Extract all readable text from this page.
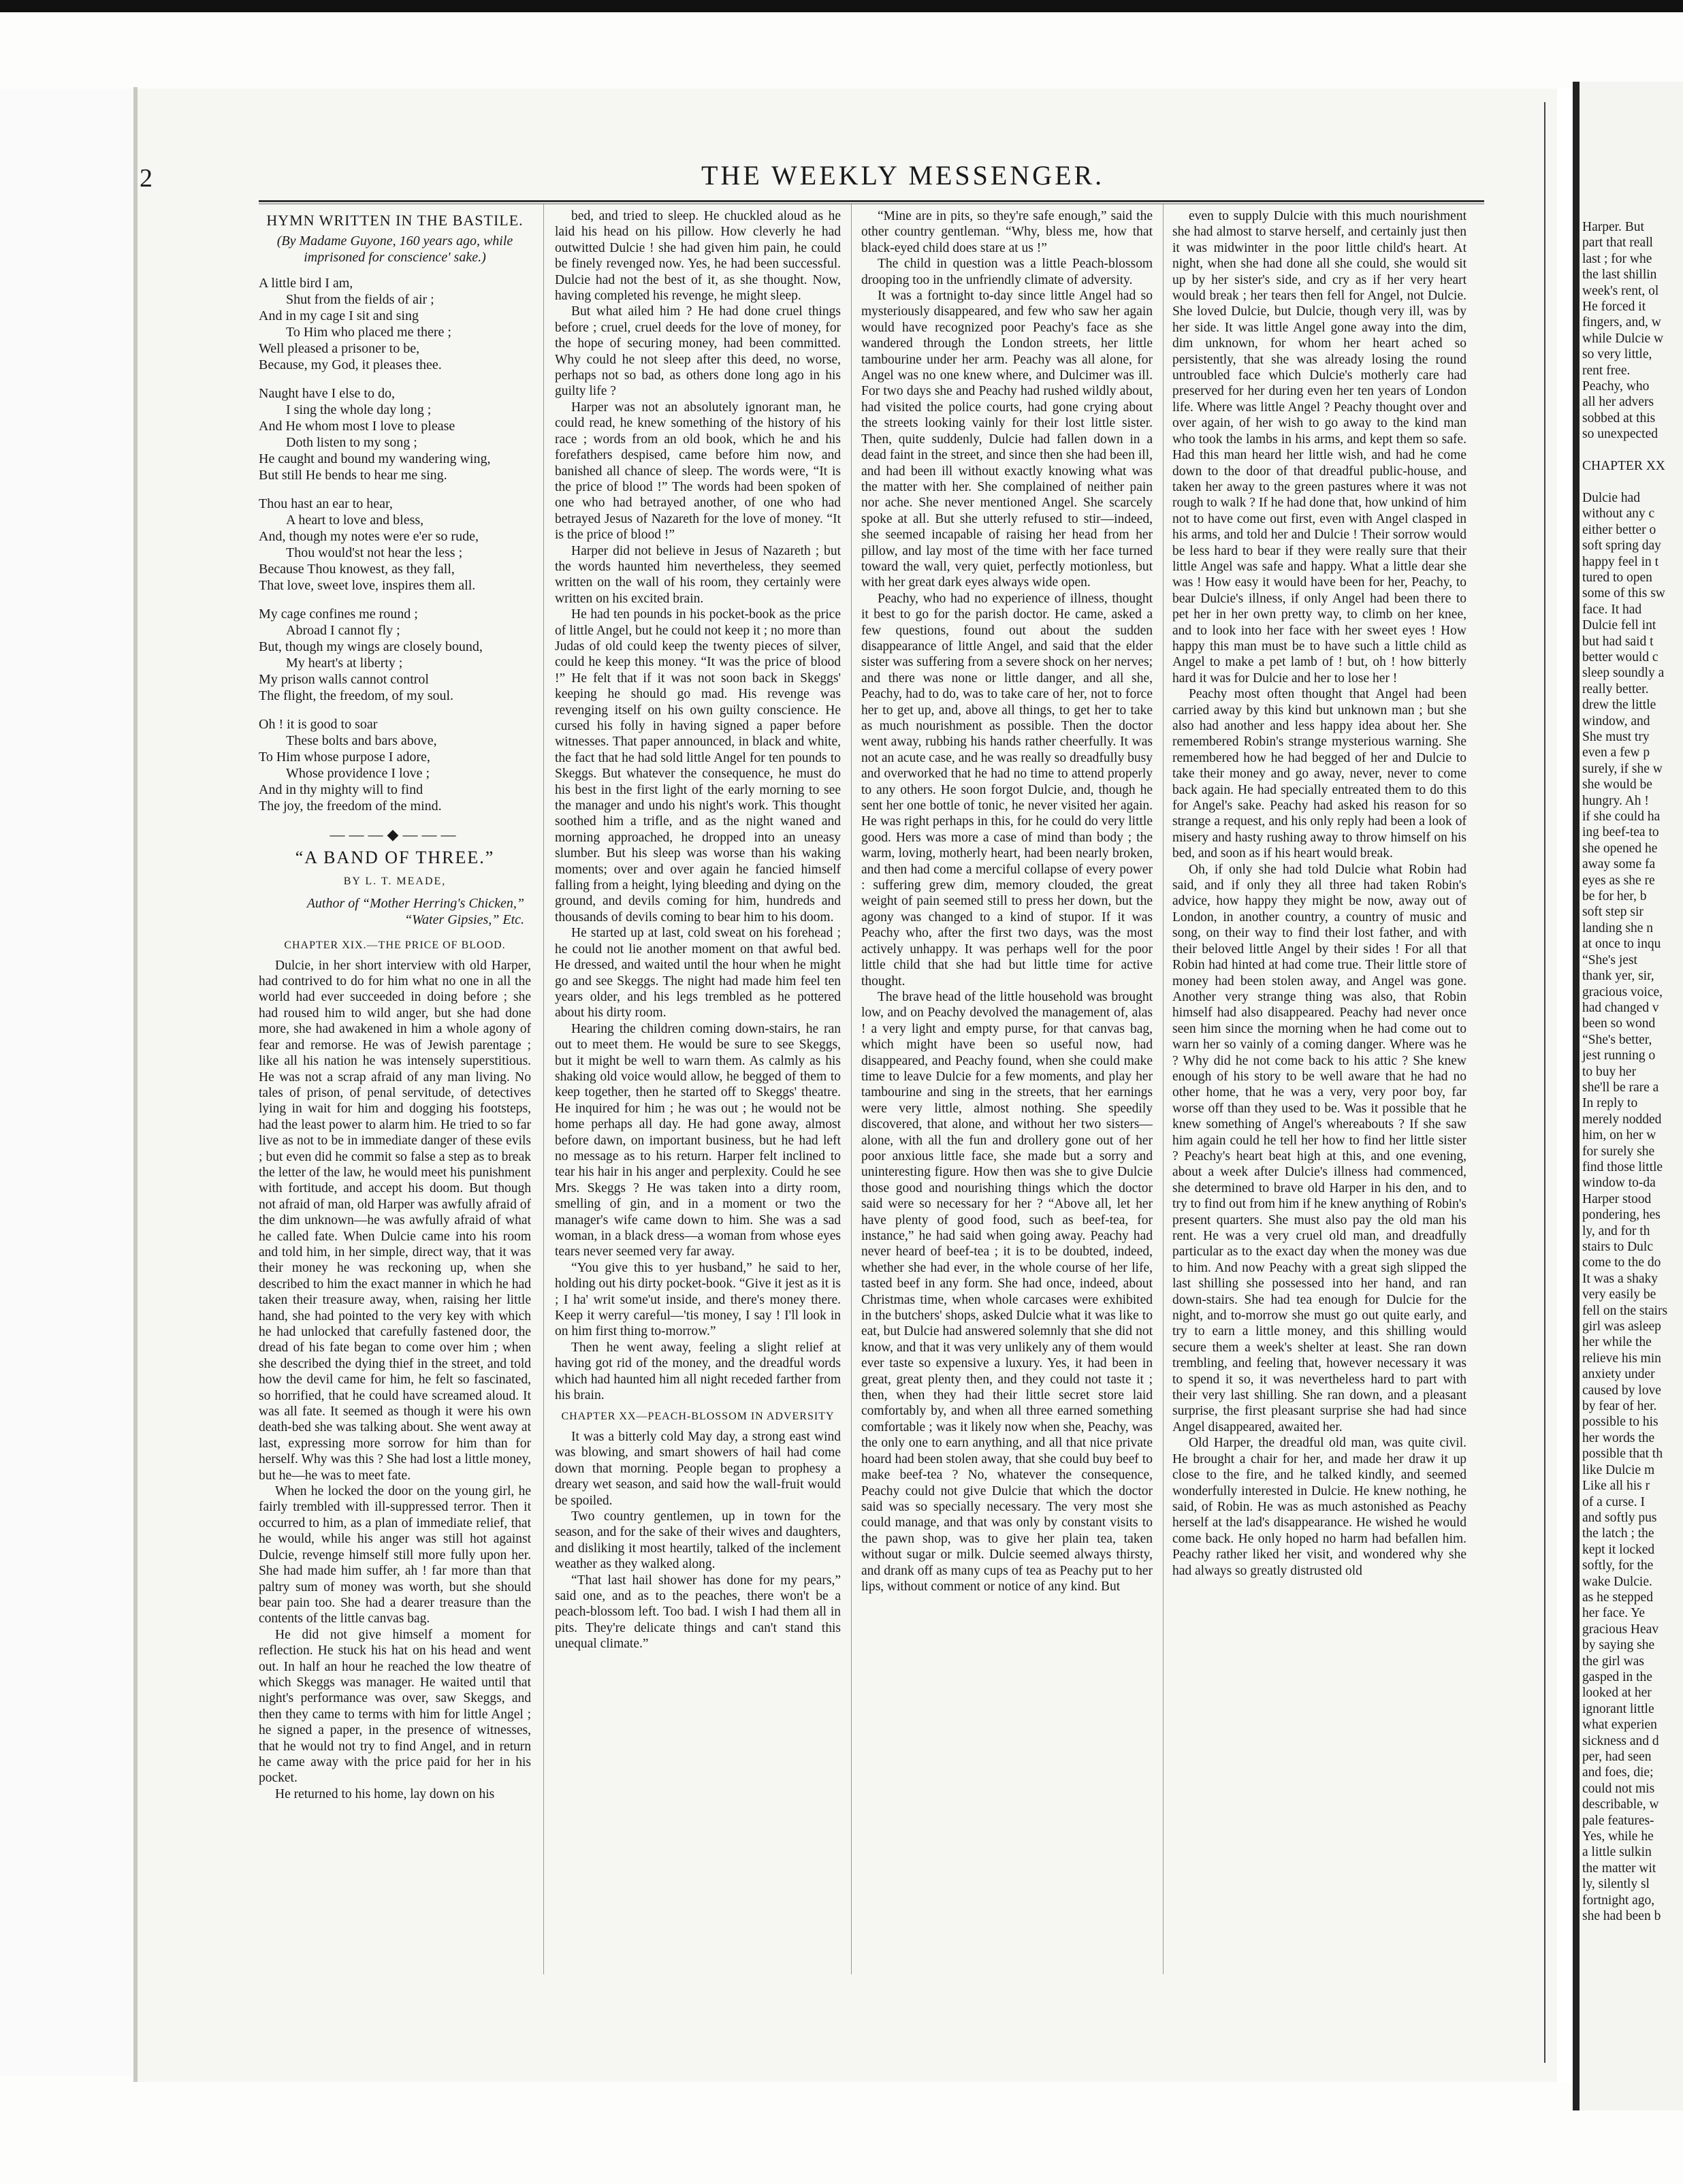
2	THE WEEKLY MESSENGER.
HYMN WRITTEN IN THE BASTILE.
(By Madame Guyone, 160 years ago, while imprisoned for conscience' sake.)
A little bird I am,
Shut from the fields of air ;
And in my cage I sit and sing
To Him who placed me there ;
Well pleased a prisoner to be,
Because, my God, it pleases thee.
Naught have I else to do,
I sing the whole day long ;
And He whom most I love to please
Doth listen to my song ;
He caught and bound my wandering wing,
But still He bends to hear me sing.
Thou hast an ear to hear,
A heart to love and bless,
And, though my notes were e'er so rude,
Thou would'st not hear the less ;
Because Thou knowest, as they fall,
That love, sweet love, inspires them all.
My cage confines me round ;
Abroad I cannot fly ;
But, though my wings are closely bound,
My heart's at liberty ;
My prison walls cannot control
The flight, the freedom, of my soul.
Oh ! it is good to soar
These bolts and bars above,
To Him whose purpose I adore,
Whose providence I love ;
And in thy mighty will to find
The joy, the freedom of the mind.
———◆———
“A BAND OF THREE.”
BY L. T. MEADE,
Author of “Mother Herring's Chicken,”
“Water Gipsies,” Etc.
CHAPTER XIX.—THE PRICE OF BLOOD.

Dulcie, in her short interview with old Harper, had contrived to do for him what no one in all the world had ever succeeded in doing before ; she had roused him to wild anger, but she had done more, she had awakened in him a whole agony of fear and remorse. He was of Jewish parentage ; like all his nation he was intensely superstitious. He was not a scrap afraid of any man living. No tales of prison, of penal servitude, of detectives lying in wait for him and dogging his footsteps, had the least power to alarm him. He tried to so far live as not to be in immediate danger of these evils ; but even did he commit so false a step as to break the letter of the law, he would meet his punishment with fortitude, and accept his doom. But though not afraid of man, old Harper was awfully afraid of the dim unknown—he was awfully afraid of what he called fate. When Dulcie came into his room and told him, in her simple, direct way, that it was their money he was reckoning up, when she described to him the exact manner in which he had taken their treasure away, when, raising her little hand, she had pointed to the very key with which he had unlocked that carefully fastened door, the dread of his fate began to come over him ; when she described the dying thief in the street, and told how the devil came for him, he felt so fascinated, so horrified, that he could have screamed aloud. It was all fate. It seemed as though it were his own death-bed she was talking about. She went away at last, expressing more sorrow for him than for herself. Why was this ? She had lost a little money, but he—he was to meet fate.

When he locked the door on the young girl, he fairly trembled with ill-suppressed terror. Then it occurred to him, as a plan of immediate relief, that he would, while his anger was still hot against Dulcie, revenge himself still more fully upon her. She had made him suffer, ah ! far more than that paltry sum of money was worth, but she should bear pain too. She had a dearer treasure than the contents of the little canvas bag.

He did not give himself a moment for reflection. He stuck his hat on his head and went out. In half an hour he reached the low theatre of which Skeggs was manager. He waited until that night's performance was over, saw Skeggs, and then they came to terms with him for little Angel ; he signed a paper, in the presence of witnesses, that he would not try to find Angel, and in return he came away with the price paid for her in his pocket.

He returned to his home, lay down on his

bed, and tried to sleep. He chuckled aloud as he laid his head on his pillow. How cleverly he had outwitted Dulcie ! she had given him pain, he could be finely revenged now. Yes, he had been successful. Dulcie had not the best of it, as she thought. Now, having completed his revenge, he might sleep.

But what ailed him ? He had done cruel things before ; cruel, cruel deeds for the love of money, for the hope of securing money, had been committed. Why could he not sleep after this deed, no worse, perhaps not so bad, as others done long ago in his guilty life ?

Harper was not an absolutely ignorant man, he could read, he knew something of the history of his race ; words from an old book, which he and his forefathers despised, came before him now, and banished all chance of sleep. The words were, “It is the price of blood !” The words had been spoken of one who had betrayed another, of one who had betrayed Jesus of Nazareth for the love of money. “It is the price of blood !”

Harper did not believe in Jesus of Nazareth ; but the words haunted him nevertheless, they seemed written on the wall of his room, they certainly were written on his excited brain.

He had ten pounds in his pocket-book as the price of little Angel, but he could not keep it ; no more than Judas of old could keep the twenty pieces of silver, could he keep this money. “It was the price of blood !” He felt that if it was not soon back in Skeggs' keeping he should go mad. His revenge was revenging itself on his own guilty conscience. He cursed his folly in having signed a paper before witnesses. That paper announced, in black and white, the fact that he had sold little Angel for ten pounds to Skeggs. But whatever the consequence, he must do his best in the first light of the early morning to see the manager and undo his night's work. This thought soothed him a trifle, and as the night waned and morning approached, he dropped into an uneasy slumber. But his sleep was worse than his waking moments; over and over again he fancied himself falling from a height, lying bleeding and dying on the ground, and devils coming for him, hundreds and thousands of devils coming to bear him to his doom.

He started up at last, cold sweat on his forehead ; he could not lie another moment on that awful bed. He dressed, and waited until the hour when he might go and see Skeggs. The night had made him feel ten years older, and his legs trembled as he pottered about his dirty room.

Hearing the children coming down-stairs, he ran out to meet them. He would be sure to see Skeggs, but it might be well to warn them. As calmly as his shaking old voice would allow, he begged of them to keep together, then he started off to Skeggs' theatre. He inquired for him ; he was out ; he would not be home perhaps all day. He had gone away, almost before dawn, on important business, but he had left no message as to his return. Harper felt inclined to tear his hair in his anger and perplexity. Could he see Mrs. Skeggs ? He was taken into a dirty room, smelling of gin, and in a moment or two the manager's wife came down to him. She was a sad woman, in a black dress—a woman from whose eyes tears never seemed very far away.

“You give this to yer husband,” he said to her, holding out his dirty pocket-book. “Give it jest as it is ; I ha' writ some'ut inside, and there's money there. Keep it werry careful—'tis money, I say ! I'll look in on him first thing to-morrow.”

Then he went away, feeling a slight relief at having got rid of the money, and the dreadful words which had haunted him all night receded farther from his brain.

CHAPTER XX—PEACH-BLOSSOM IN ADVERSITY

It was a bitterly cold May day, a strong east wind was blowing, and smart showers of hail had come down that morning. People began to prophesy a dreary wet season, and said how the wall-fruit would be spoiled.

Two country gentlemen, up in town for the season, and for the sake of their wives and daughters, and disliking it most heartily, talked of the inclement weather as they walked along.

“That last hail shower has done for my pears,” said one, and as to the peaches, there won't be a peach-blossom left. Too bad. I wish I had them all in pits. They're delicate things and can't stand this unequal climate.”

“Mine are in pits, so they're safe enough,” said the other country gentleman. “Why, bless me, how that black-eyed child does stare at us !”

The child in question was a little Peach-blossom drooping too in the unfriendly climate of adversity.

It was a fortnight to-day since little Angel had so mysteriously disappeared, and few who saw her again would have recognized poor Peachy's face as she wandered through the London streets, her little tambourine under her arm. Peachy was all alone, for Angel was no one knew where, and Dulcimer was ill. For two days she and Peachy had rushed wildly about, had visited the police courts, had gone crying about the streets looking vainly for their lost little sister. Then, quite suddenly, Dulcie had fallen down in a dead faint in the street, and since then she had been ill, and had been ill without exactly knowing what was the matter with her. She complained of neither pain nor ache. She never mentioned Angel. She scarcely spoke at all. But she utterly refused to stir—indeed, she seemed incapable of raising her head from her pillow, and lay most of the time with her face turned toward the wall, very quiet, perfectly motionless, but with her great dark eyes always wide open.

Peachy, who had no experience of illness, thought it best to go for the parish doctor. He came, asked a few questions, found out about the sudden disappearance of little Angel, and said that the elder sister was suffering from a severe shock on her nerves; and there was none or little danger, and all she, Peachy, had to do, was to take care of her, not to force her to get up, and, above all things, to get her to take as much nourishment as possible. Then the doctor went away, rubbing his hands rather cheerfully. It was not an acute case, and he was really so dreadfully busy and overworked that he had no time to attend properly to any others. He soon forgot Dulcie, and, though he sent her one bottle of tonic, he never visited her again. He was right perhaps in this, for he could do very little good. Hers was more a case of mind than body ; the warm, loving, motherly heart, had been nearly broken, and then had come a merciful collapse of every power : suffering grew dim, memory clouded, the great weight of pain seemed still to press her down, but the agony was changed to a kind of stupor. If it was Peachy who, after the first two days, was the most actively unhappy. It was perhaps well for the poor little child that she had but little time for active thought.

The brave head of the little household was brought low, and on Peachy devolved the management of, alas ! a very light and empty purse, for that canvas bag, which might have been so useful now, had disappeared, and Peachy found, when she could make time to leave Dulcie for a few moments, and play her tambourine and sing in the streets, that her earnings were very little, almost nothing. She speedily discovered, that alone, and without her two sisters—alone, with all the fun and drollery gone out of her poor anxious little face, she made but a sorry and uninteresting figure. How then was she to give Dulcie those good and nourishing things which the doctor said were so necessary for her ? “Above all, let her have plenty of good food, such as beef-tea, for instance,” he had said when going away. Peachy had never heard of beef-tea ; it is to be doubted, indeed, whether she had ever, in the whole course of her life, tasted beef in any form. She had once, indeed, about Christmas time, when whole carcases were exhibited in the butchers' shops, asked Dulcie what it was like to eat, but Dulcie had answered solemnly that she did not know, and that it was very unlikely any of them would ever taste so expensive a luxury. Yes, it had been in great, great plenty then, and they could not taste it ; then, when they had their little secret store laid comfortably by, and when all three earned something comfortable ; was it likely now when she, Peachy, was the only one to earn anything, and all that nice private hoard had been stolen away, that she could buy beef to make beef-tea ? No, whatever the consequence, Peachy could not give Dulcie that which the doctor said was so specially necessary. The very most she could manage, and that was only by constant visits to the pawn shop, was to give her plain tea, taken without sugar or milk. Dulcie seemed always thirsty, and drank off as many cups of tea as Peachy put to her lips, without comment or notice of any kind. But

even to supply Dulcie with this much nourishment she had almost to starve herself, and certainly just then it was midwinter in the poor little child's heart. At night, when she had done all she could, she would sit up by her sister's side, and cry as if her very heart would break ; her tears then fell for Angel, not Dulcie. She loved Dulcie, but Dulcie, though very ill, was by her side. It was little Angel gone away into the dim, dim unknown, for whom her heart ached so persistently, that she was already losing the round untroubled face which Dulcie's motherly care had preserved for her during even her ten years of London life. Where was little Angel ? Peachy thought over and over again, of her wish to go away to the kind man who took the lambs in his arms, and kept them so safe. Had this man heard her little wish, and had he come down to the door of that dreadful public-house, and taken her away to the green pastures where it was not rough to walk ? If he had done that, how unkind of him not to have come out first, even with Angel clasped in his arms, and told her and Dulcie ! Their sorrow would be less hard to bear if they were really sure that their little Angel was safe and happy. What a little dear she was ! How easy it would have been for her, Peachy, to bear Dulcie's illness, if only Angel had been there to pet her in her own pretty way, to climb on her knee, and to look into her face with her sweet eyes ! How happy this man must be to have such a little child as Angel to make a pet lamb of ! but, oh ! how bitterly hard it was for Dulcie and her to lose her !

Peachy most often thought that Angel had been carried away by this kind but unknown man ; but she also had another and less happy idea about her. She remembered Robin's strange mysterious warning. She remembered how he had begged of her and Dulcie to take their money and go away, never, never to come back again. He had specially entreated them to do this for Angel's sake. Peachy had asked his reason for so strange a request, and his only reply had been a look of misery and hasty rushing away to throw himself on his bed, and soon as if his heart would break.

Oh, if only she had told Dulcie what Robin had said, and if only they all three had taken Robin's advice, how happy they might be now, away out of London, in another country, a country of music and song, on their way to find their lost father, and with their beloved little Angel by their sides ! For all that Robin had hinted at had come true. Their little store of money had been stolen away, and Angel was gone. Another very strange thing was also, that Robin himself had also disappeared. Peachy had never once seen him since the morning when he had come out to warn her so vainly of a coming danger. Where was he ? Why did he not come back to his attic ? She knew enough of his story to be well aware that he had no other home, that he was a very, very poor boy, far worse off than they used to be. Was it possible that he knew something of Angel's whereabouts ? If she saw him again could he tell her how to find her little sister ? Peachy's heart beat high at this, and one evening, about a week after Dulcie's illness had commenced, she determined to brave old Harper in his den, and to try to find out from him if he knew anything of Robin's present quarters. She must also pay the old man his rent. He was a very cruel old man, and dreadfully particular as to the exact day when the money was due to him. And now Peachy with a great sigh slipped the last shilling she possessed into her hand, and ran down-stairs. She had tea enough for Dulcie for the night, and to-morrow she must go out quite early, and try to earn a little money, and this shilling would secure them a week's shelter at least. She ran down trembling, and feeling that, however necessary it was to spend it so, it was nevertheless hard to part with their very last shilling. She ran down, and a pleasant surprise, the first pleasant surprise she had had since Angel disappeared, awaited her.

Old Harper, the dreadful old man, was quite civil. He brought a chair for her, and made her draw it up close to the fire, and he talked kindly, and seemed wonderfully interested in Dulcie. He knew nothing, he said, of Robin. He was as much astonished as Peachy herself at the lad's disappearance. He wished he would come back. He only hoped no harm had befallen him. Peachy rather liked her visit, and wondered why she had always so greatly distrusted old

Harper. But
part that reall
last ; for whe
the last shillin
week's rent, ol
He forced it
fingers, and, w
while Dulcie w
so very little,
rent free.
Peachy, who
all her advers
sobbed at this
so unexpected

CHAPTER XX

Dulcie had
without any c
either better o
soft spring day
happy feel in t
tured to open
some of this sw
face. It had
Dulcie fell int
but had said t
better would c
sleep soundly a
really better.
drew the little
window, and
She must try
even a few p
surely, if she w
she would be
hungry. Ah !
if she could ha
ing beef-tea to
she opened he
away some fa
eyes as she re
be for her, b
soft step sir
landing she n
at once to inqu
“She's jest
thank yer, sir,
gracious voice,
had changed v
been so wond
“She's better,
jest running o
to buy her
she'll be rare a
In reply to
merely nodded
him, on her w
for surely she
find those little
window to-da
Harper stood
pondering, hes
ly, and for th
stairs to Dulc
come to the do
It was a shaky
very easily be
fell on the stairs
girl was asleep
her while the
relieve his min
anxiety under
caused by love
by fear of her.
possible to his
her words the
possible that th
like Dulcie m
Like all his r
of a curse. I
and softly pus
the latch ; the
kept it locked
softly, for the
wake Dulcie.
as he stepped
her face. Ye
gracious Heav
by saying she
the girl was
gasped in the
looked at her
ignorant little
what experien
sickness and d
per, had seen
and foes, die;
could not mis
describable, w
pale features-
Yes, while he
a little sulkin
the matter wit
ly, silently sl
fortnight ago,
she had been b
